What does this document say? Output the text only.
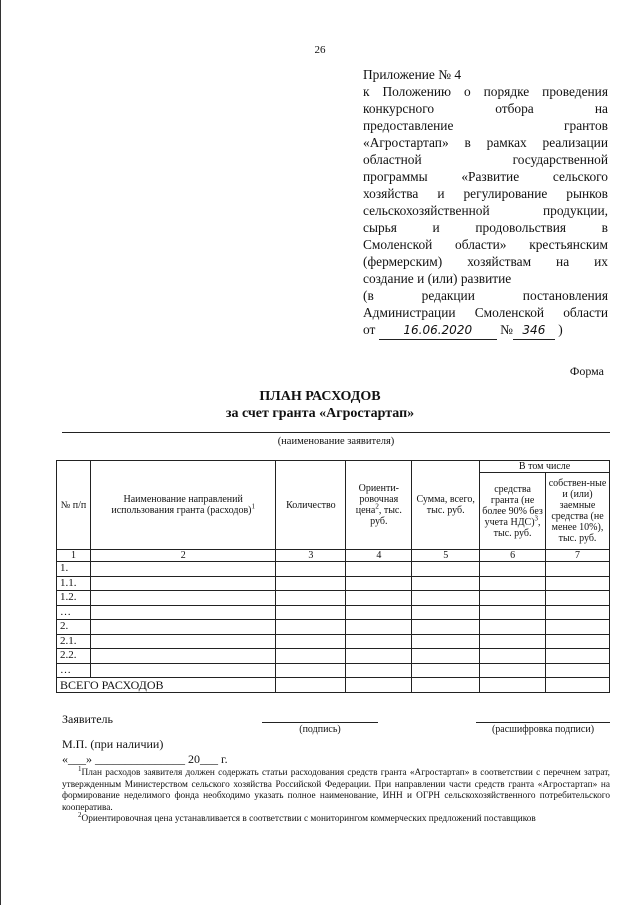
26
Приложение № 4
к Положению о порядке проведения
конкурсного отбора на
предоставление грантов
«Агростартап» в рамках реализации
областной государственной
программы «Развитие сельского
хозяйства и регулирование рынков
сельскохозяйственной продукции,
сырья и продовольствия в
Смоленской области» крестьянским
(фермерским) хозяйствам на их
создание и (или) развитие
(в редакции постановления
Администрации Смоленской области
от 16.06.2020 № 346 )
Форма
ПЛАН РАСХОДОВ
за счет гранта «Агростартап»
(наименование заявителя)
№ п/п	Наименование направлений использования гранта (расходов)$^1$	Количество	Ориенти-ровочная цена$^2$, тыс. руб.	Сумма, всего, тыс. руб.	В том числе	
					средства гранта (не более 90% без учета НДС)$^3$, тыс. руб.	собствен-ные и (или) заемные средства (не менее 10%), тыс. руб.
1	2	3	4	5	6	7
1.						
1.1.						
1.2.						
…						
2.						
2.1.						
2.2.						
…						
ВСЕГО РАСХОДОВ						
Заявитель
(подпись)	(расшифровка подписи)
М.П. (при наличии)
«___» _______________ 20___ г.

$^1$План расходов заявителя должен содержать статьи расходования средств гранта «Агростартап» в соответствии с перечнем затрат, утвержденным Министерством сельского хозяйства Российской Федерации. При направлении части средств гранта «Агростартап» на формирование неделимого фонда необходимо указать полное наименование, ИНН и ОГРН сельскохозяйственного потребительского кооператива.

$^2$Ориентировочная цена устанавливается в соответствии с мониторингом коммерческих предложений поставщиков
